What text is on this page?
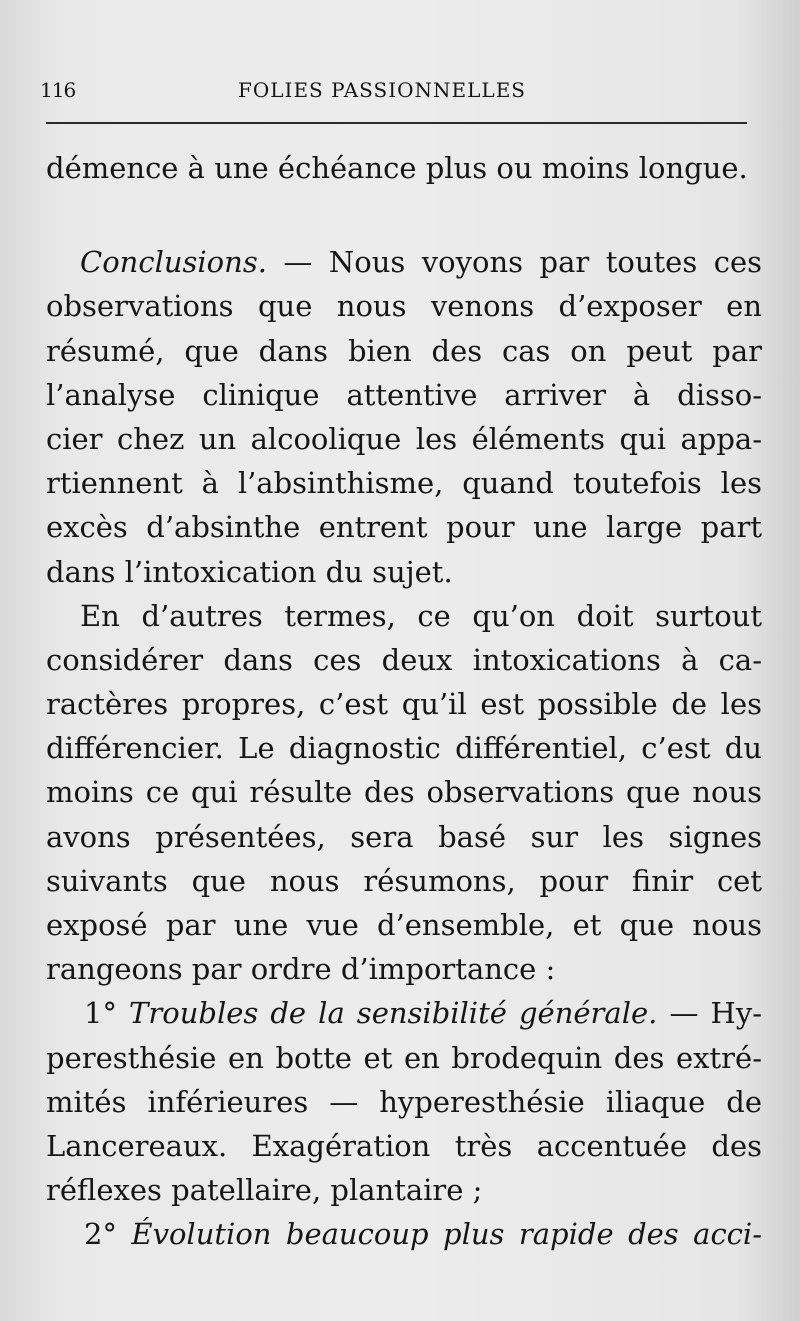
116	FOLIES PASSIONNELLES
démence à une échéance plus ou moins longue.
Conclusions. — Nous voyons par toutes ces
observations que nous venons d’exposer en
résumé, que dans bien des cas on peut par
l’analyse clinique attentive arriver à disso-
cier chez un alcoolique les éléments qui appa-
rtiennent à l’absinthisme, quand toutefois les
excès d’absinthe entrent pour une large part
dans l’intoxication du sujet.
En d’autres termes, ce qu’on doit surtout
considérer dans ces deux intoxications à ca-
ractères propres, c’est qu’il est possible de les
différencier. Le diagnostic différentiel, c’est du
moins ce qui résulte des observations que nous
avons présentées, sera basé sur les signes
suivants que nous résumons, pour finir cet
exposé par une vue d’ensemble, et que nous
rangeons par ordre d’importance :
1° Troubles de la sensibilité générale. — Hy-
peresthésie en botte et en brodequin des extré-
mités inférieures — hyperesthésie iliaque de
Lancereaux. Exagération très accentuée des
réflexes patellaire, plantaire ;
2° Évolution beaucoup plus rapide des acci-
